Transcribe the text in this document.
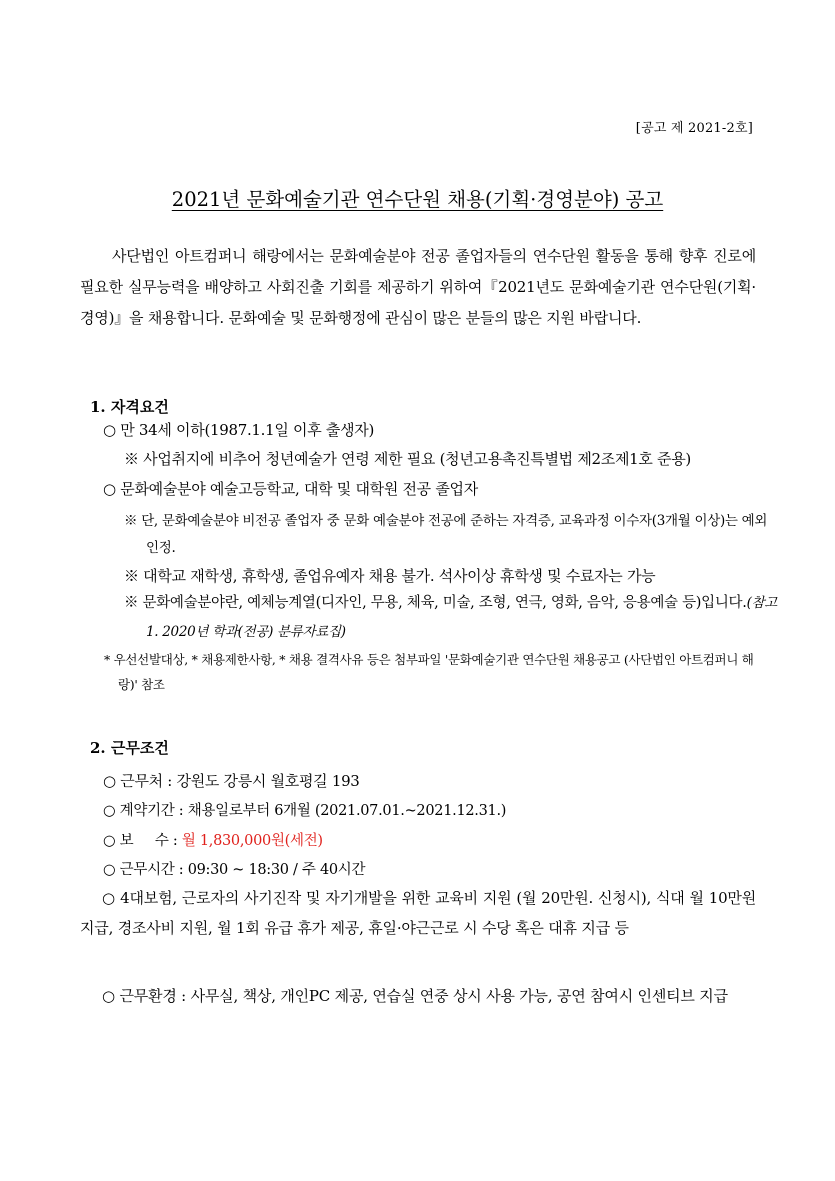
[공고 제 2021-2호]
2021년 문화예술기관 연수단원 채용(기획·경영분야) 공고
사단법인 아트컴퍼니 해랑에서는 문화예술분야 전공 졸업자들의 연수단원 활동을 통해 향후 진로에 필요한 실무능력을 배양하고 사회진출 기회를 제공하기 위하여『2021년도 문화예술기관 연수단원(기획·경영)』을 채용합니다. 문화예술 및 문화행정에 관심이 많은 분들의 많은 지원 바랍니다.
1. 자격요건
○ 만 34세 이하(1987.1.1일 이후 출생자)
※ 사업취지에 비추어 청년예술가 연령 제한 필요 (청년고용촉진특별법 제2조제1호 준용)
○ 문화예술분야 예술고등학교, 대학 및 대학원 전공 졸업자
※ 단, 문화예술분야 비전공 졸업자 중 문화 예술분야 전공에 준하는 자격증, 교육과정 이수자(3개월 이상)는 예외 인정.
※ 대학교 재학생, 휴학생, 졸업유예자 채용 불가. 석사이상 휴학생 및 수료자는 가능
※ 문화예술분야란, 예체능계열(디자인, 무용, 체육, 미술, 조형, 연극, 영화, 음악, 응용예술 등)입니다.(참고1. 2020년 학과(전공) 분류자료집)
* 우선선발대상, * 채용제한사항, * 채용 결격사유 등은 첨부파일 '문화예술기관 연수단원 채용공고 (사단법인 아트컴퍼니 해랑)' 참조
2. 근무조건
○ 근무처 : 강원도 강릉시 월호평길 193
○ 계약기간 : 채용일로부터 6개월 (2021.07.01.~2021.12.31.)
○ 보     수 : 월 1,830,000원(세전)
○ 근무시간 : 09:30 ~ 18:30 / 주 40시간
○ 4대보험, 근로자의 사기진작 및 자기개발을 위한 교육비 지원 (월 20만원. 신청시), 식대 월 10만원 지급, 경조사비 지원, 월 1회 유급 휴가 제공, 휴일·야근근로 시 수당 혹은 대휴 지급 등
○ 근무환경 : 사무실, 책상, 개인PC 제공, 연습실 연중 상시 사용 가능, 공연 참여시 인센티브 지급
